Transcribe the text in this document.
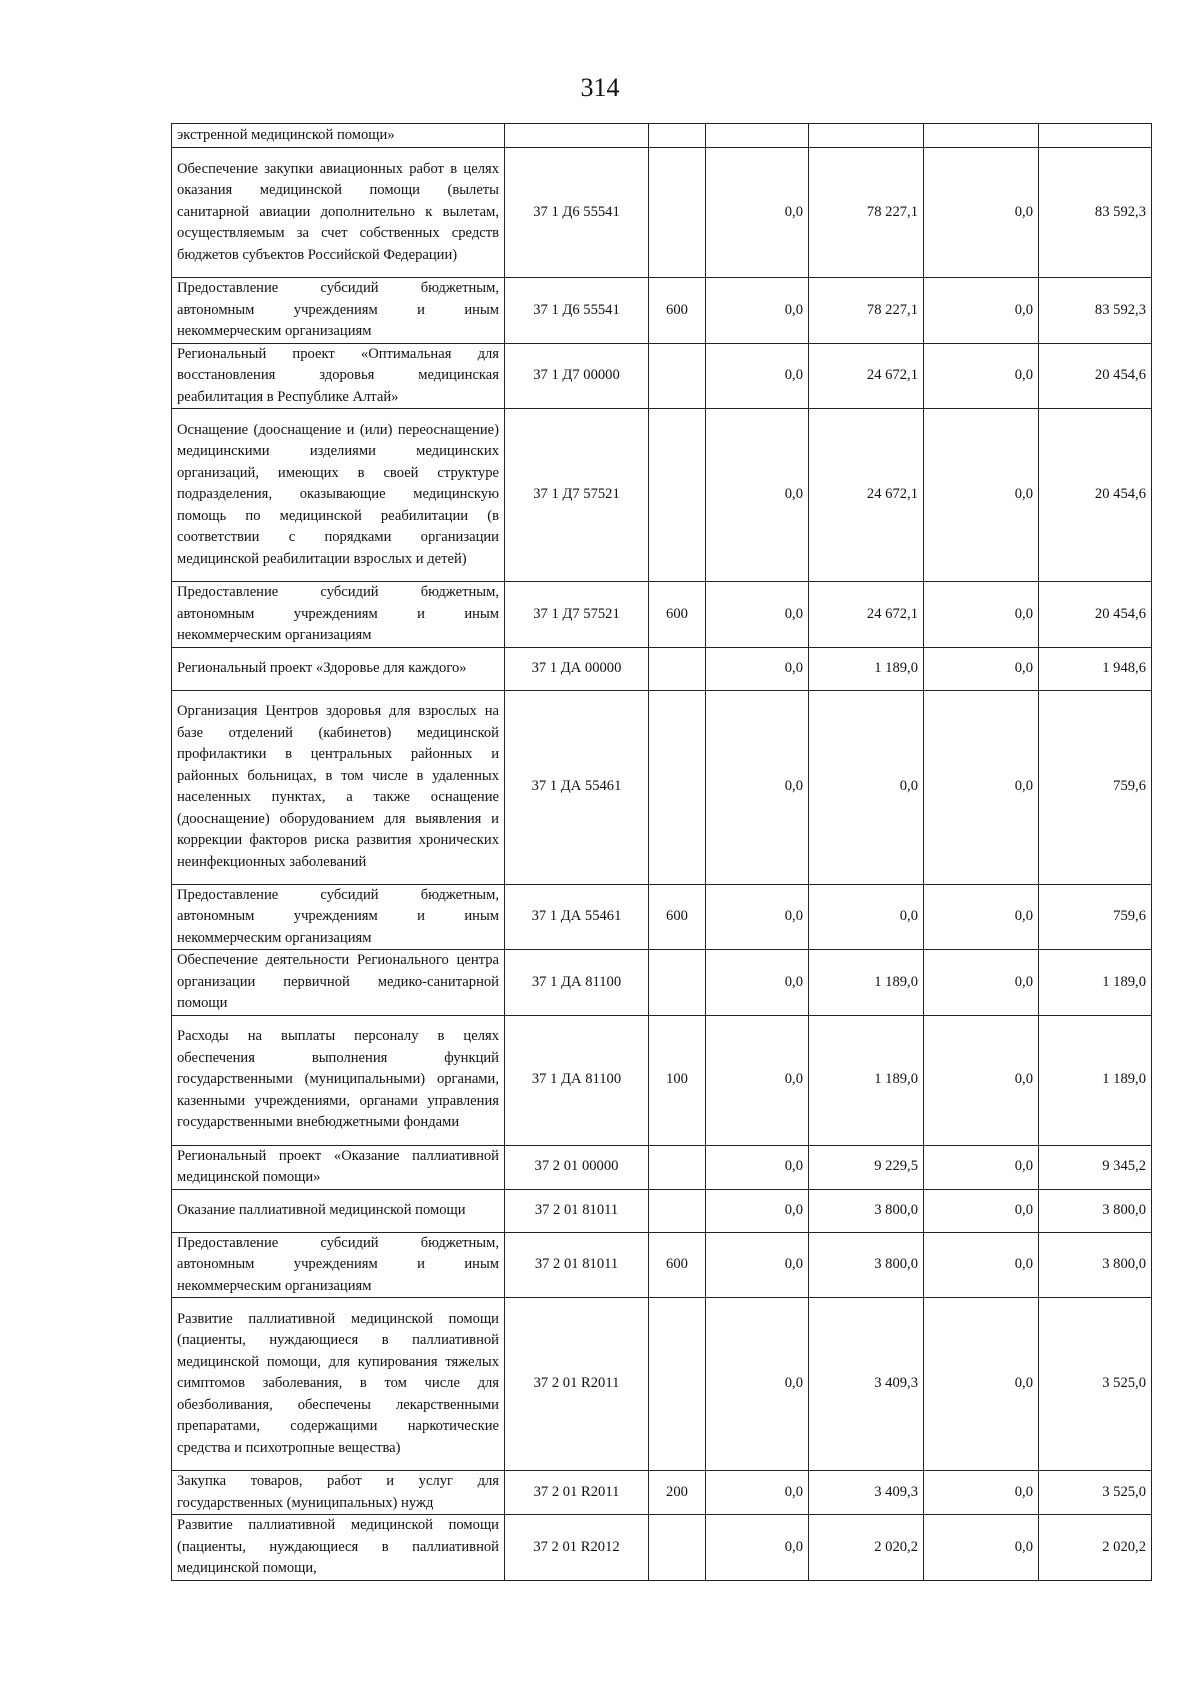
314
экстренной медицинской помощи»						
Обеспечение закупки авиационных работ в целях оказания медицинской помощи (вылеты санитарной авиации дополнительно к вылетам, осуществляемым за счет собственных средств бюджетов субъектов Российской Федерации)	37 1 Д6 55541		0,0	78 227,1	0,0	83 592,3
Предоставление субсидий бюджетным, автономным учреждениям и иным некоммерческим организациям	37 1 Д6 55541	600	0,0	78 227,1	0,0	83 592,3
Региональный проект «Оптимальная для восстановления здоровья медицинская реабилитация в Республике Алтай»	37 1 Д7 00000		0,0	24 672,1	0,0	20 454,6
Оснащение (дооснащение и (или) переоснащение) медицинскими изделиями медицинских организаций, имеющих в своей структуре подразделения, оказывающие медицинскую помощь по медицинской реабилитации (в соответствии с порядками организации медицинской реабилитации взрослых и детей)	37 1 Д7 57521		0,0	24 672,1	0,0	20 454,6
Предоставление субсидий бюджетным, автономным учреждениям и иным некоммерческим организациям	37 1 Д7 57521	600	0,0	24 672,1	0,0	20 454,6
Региональный проект «Здоровье для каждого»	37 1 ДА 00000		0,0	1 189,0	0,0	1 948,6
Организация Центров здоровья для взрослых на базе отделений (кабинетов) медицинской профилактики в центральных районных и районных больницах, в том числе в удаленных населенных пунктах, а также оснащение (дооснащение) оборудованием для выявления и коррекции факторов риска развития хронических неинфекционных заболеваний	37 1 ДА 55461		0,0	0,0	0,0	759,6
Предоставление субсидий бюджетным, автономным учреждениям и иным некоммерческим организациям	37 1 ДА 55461	600	0,0	0,0	0,0	759,6
Обеспечение деятельности Регионального центра организации первичной медико-санитарной помощи	37 1 ДА 81100		0,0	1 189,0	0,0	1 189,0
Расходы на выплаты персоналу в целях обеспечения выполнения функций государственными (муниципальными) органами, казенными учреждениями, органами управления государственными внебюджетными фондами	37 1 ДА 81100	100	0,0	1 189,0	0,0	1 189,0
Региональный проект «Оказание паллиативной медицинской помощи»	37 2 01 00000		0,0	9 229,5	0,0	9 345,2
Оказание паллиативной медицинской помощи	37 2 01 81011		0,0	3 800,0	0,0	3 800,0
Предоставление субсидий бюджетным, автономным учреждениям и иным некоммерческим организациям	37 2 01 81011	600	0,0	3 800,0	0,0	3 800,0
Развитие паллиативной медицинской помощи (пациенты, нуждающиеся в паллиативной медицинской помощи, для купирования тяжелых симптомов заболевания, в том числе для обезболивания, обеспечены лекарственными препаратами, содержащими наркотические средства и психотропные вещества)	37 2 01 R2011		0,0	3 409,3	0,0	3 525,0
Закупка товаров, работ и услуг для государственных (муниципальных) нужд	37 2 01 R2011	200	0,0	3 409,3	0,0	3 525,0
Развитие паллиативной медицинской помощи (пациенты, нуждающиеся в паллиативной медицинской помощи,	37 2 01 R2012		0,0	2 020,2	0,0	2 020,2
